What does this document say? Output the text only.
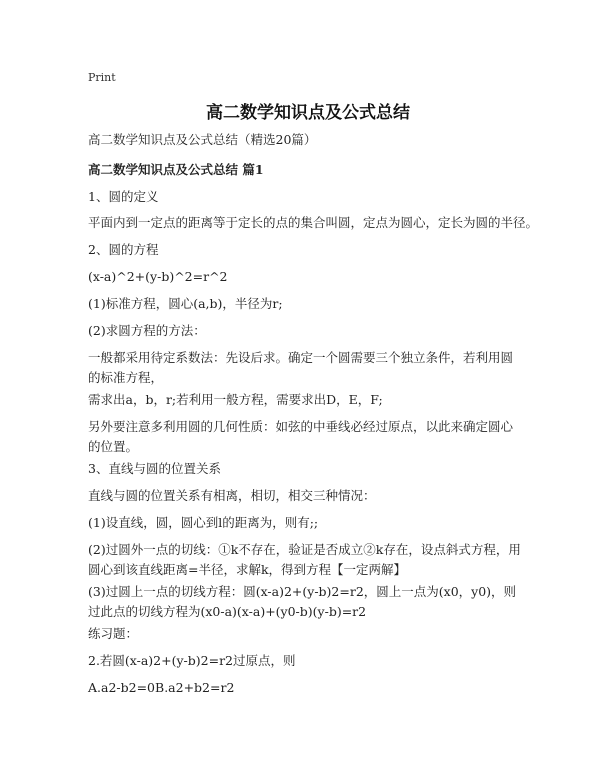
Print
高二数学知识点及公式总结
高二数学知识点及公式总结（精选20篇）
高二数学知识点及公式总结 篇1
1、圆的定义
平面内到一定点的距离等于定长的点的集合叫圆，定点为圆心，定长为圆的半径。
2、圆的方程
(x-a)^2+(y-b)^2=r^2
(1)标准方程，圆心(a,b)，半径为r;
(2)求圆方程的方法：
一般都采用待定系数法：先设后求。确定一个圆需要三个独立条件，若利用圆的标准方程，
需求出a，b，r;若利用一般方程，需要求出D，E，F;
另外要注意多利用圆的几何性质：如弦的中垂线必经过原点，以此来确定圆心的位置。
3、直线与圆的位置关系
直线与圆的位置关系有相离，相切，相交三种情况：
(1)设直线，圆，圆心到l的距离为，则有;;
(2)过圆外一点的切线：①k不存在，验证是否成立②k存在，设点斜式方程，用圆心到该直线距离=半径，求解k，得到方程【一定两解】
(3)过圆上一点的切线方程：圆(x-a)2+(y-b)2=r2，圆上一点为(x0，y0)，则过此点的切线方程为(x0-a)(x-a)+(y0-b)(y-b)=r2
练习题：
2.若圆(x-a)2+(y-b)2=r2过原点，则
A.a2-b2=0B.a2+b2=r2
